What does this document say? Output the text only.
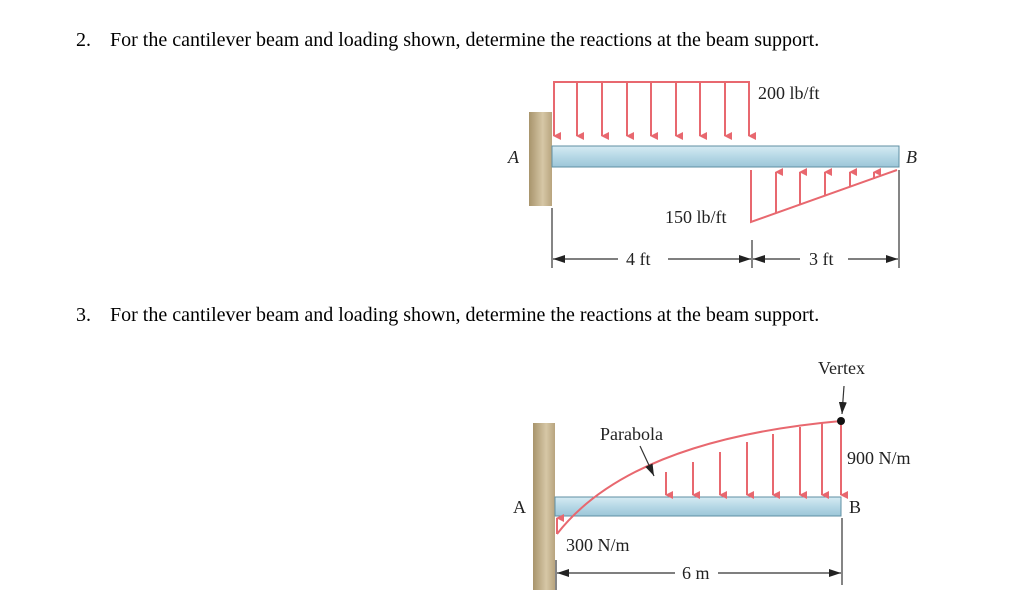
2. For the cantilever beam and loading shown, determine the reactions at the beam support.
3. For the cantilever beam and loading shown, determine the reactions at the beam support.
A	B
200 lb/ft
150 lb/ft
4 ft	3 ft
Vertex
Parabola
900 N/m
300 N/m
A	B
6 m
